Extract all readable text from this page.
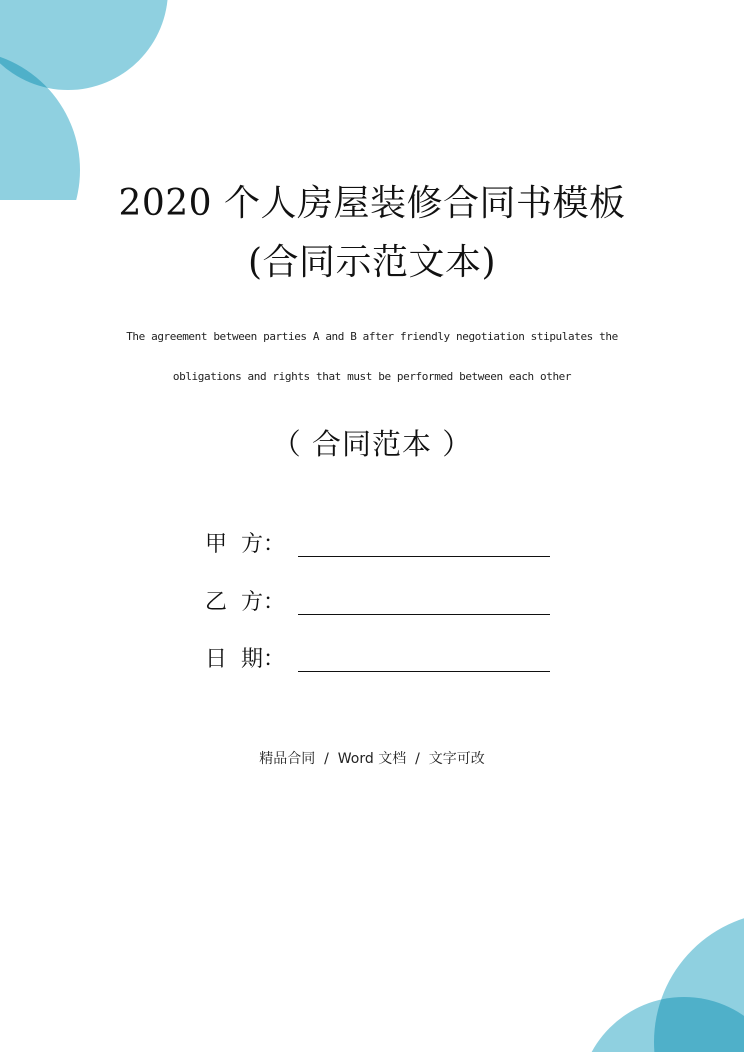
2020 个人房屋装修合同书模板
(合同示范文本)
The agreement between parties A and B after friendly negotiation stipulates the
obligations and rights that must be performed between each other
（ 合同范本 ）
甲  方：
乙  方：
日  期：
精品合同  /  Word 文档  /  文字可改
